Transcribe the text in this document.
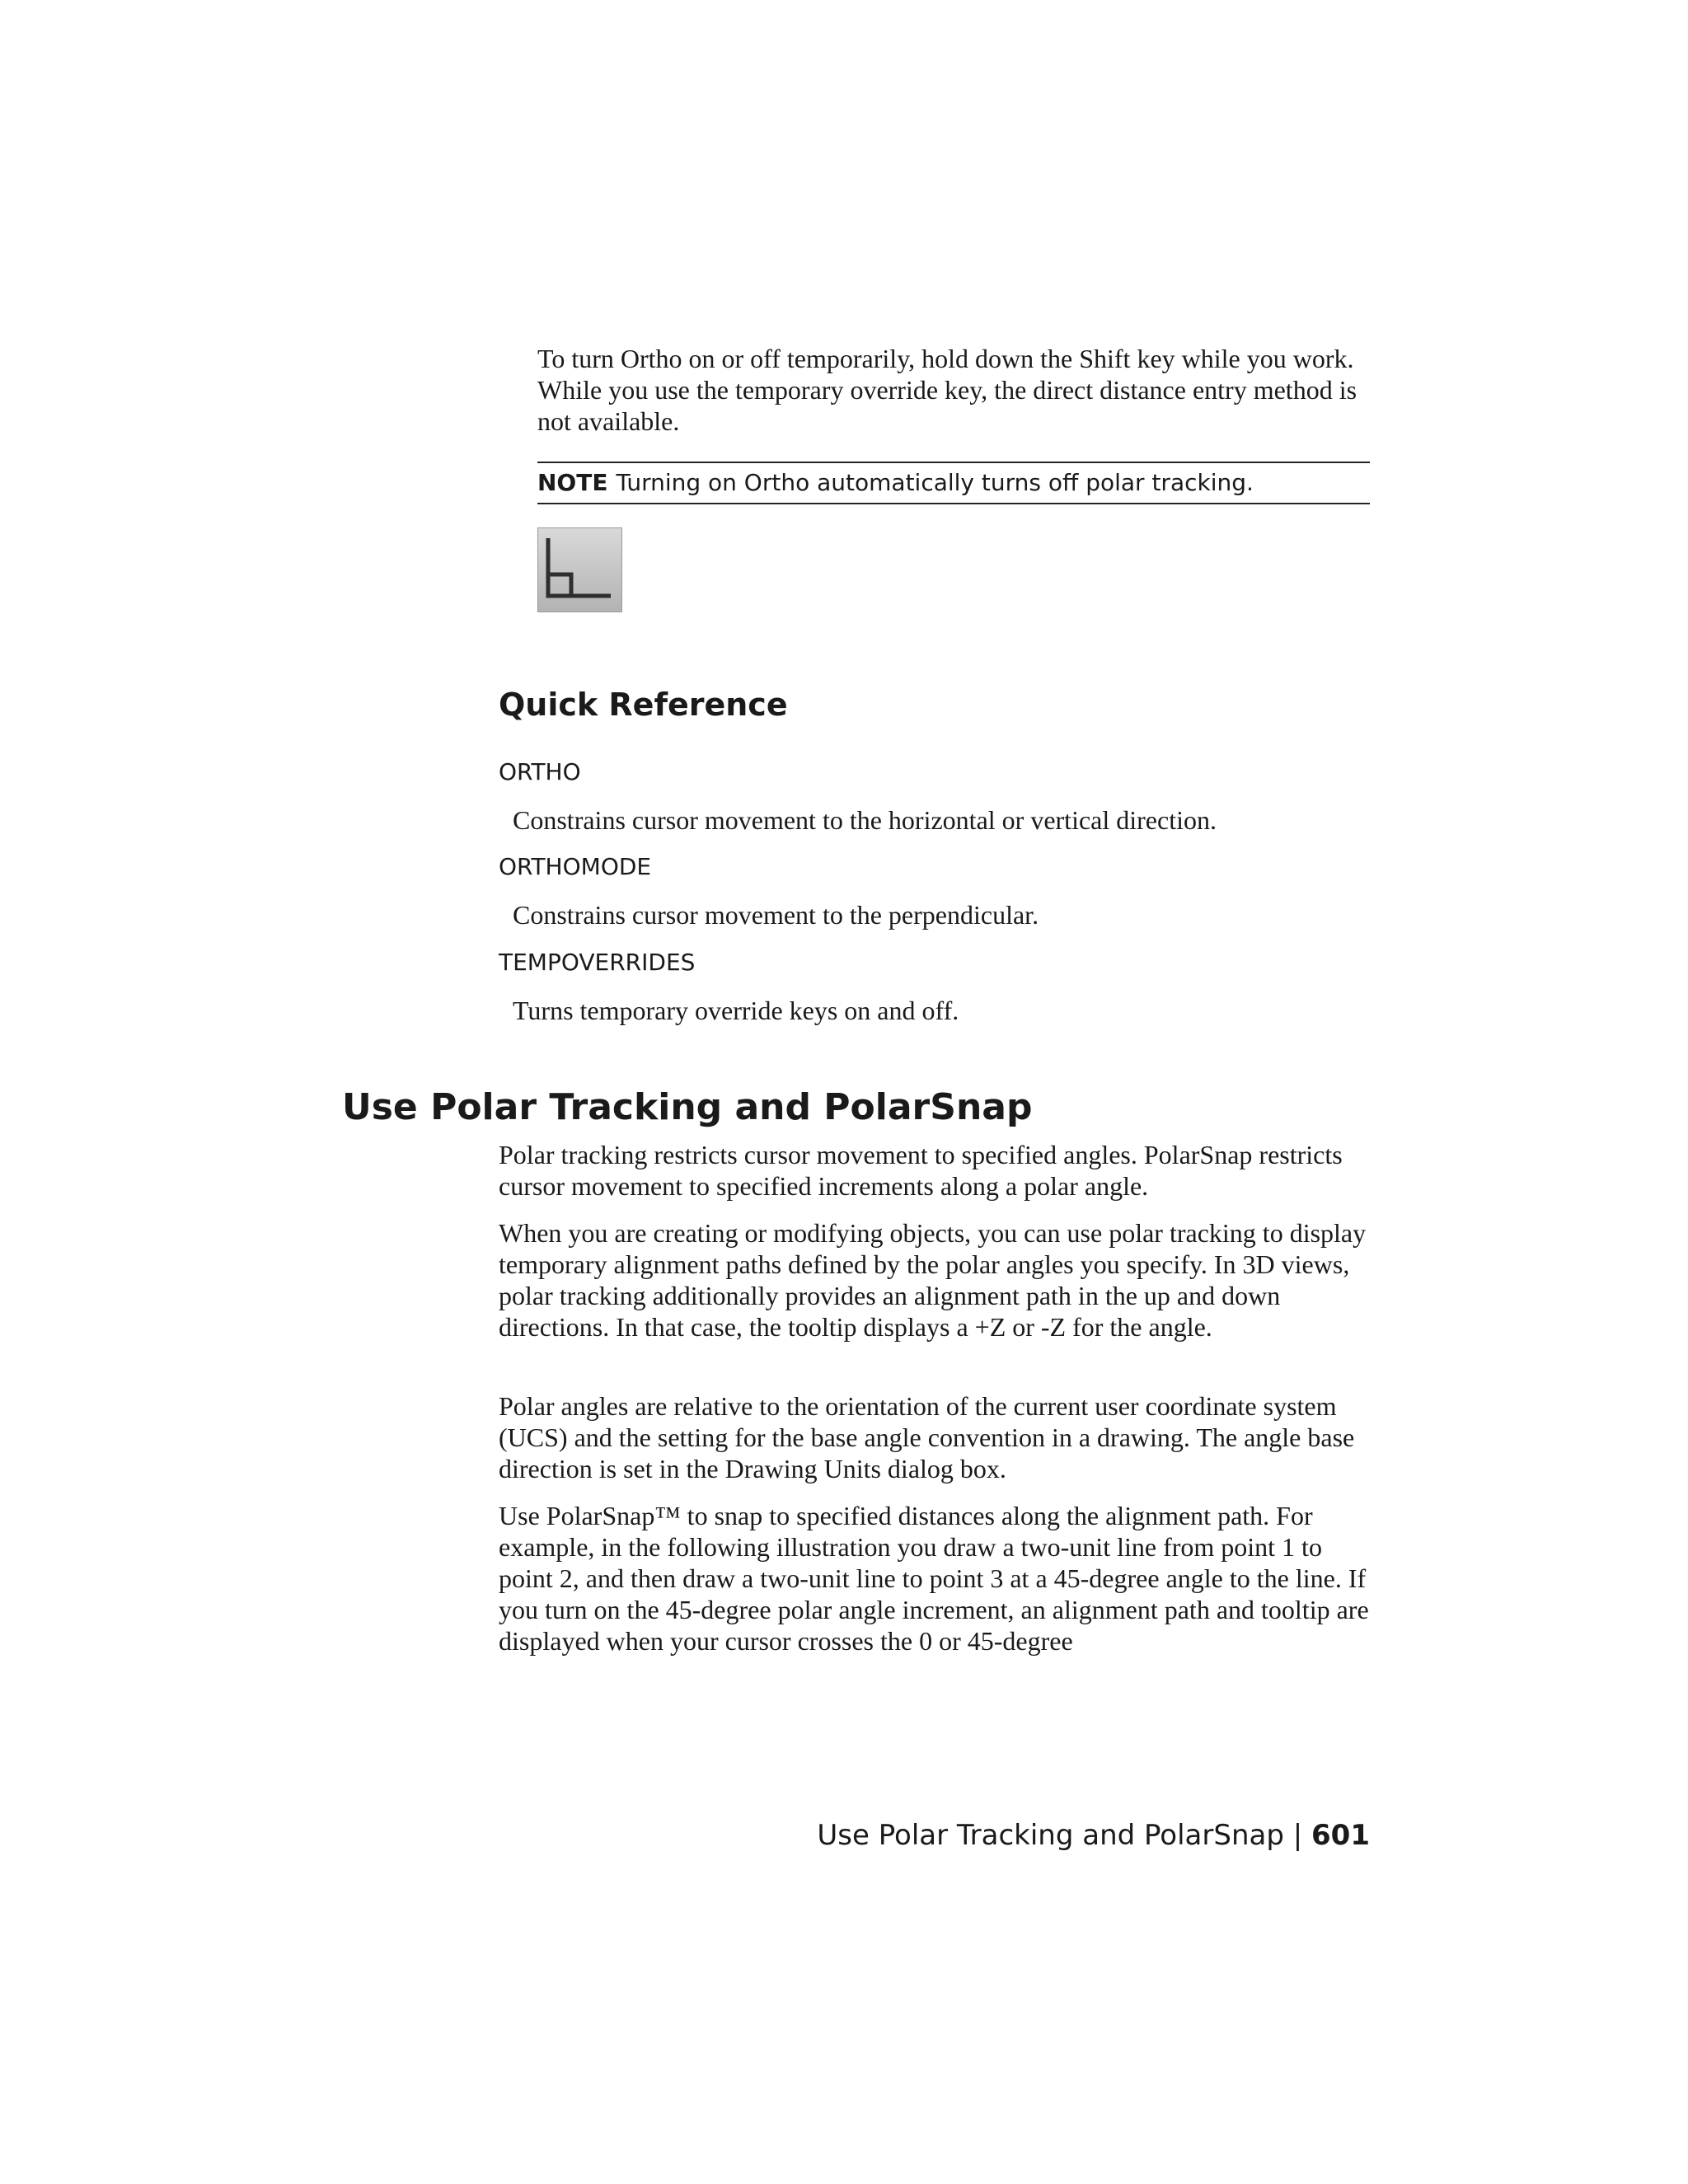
To turn Ortho on or off temporarily, hold down the Shift key while you work. While you use the temporary override key, the direct distance entry method is not available.

NOTE Turning on Ortho automatically turns off polar tracking.
Quick Reference

ORTHO

Constrains cursor movement to the horizontal or vertical direction.

ORTHOMODE

Constrains cursor movement to the perpendicular.

TEMPOVERRIDES

Turns temporary override keys on and off.

Use Polar Tracking and PolarSnap

Polar tracking restricts cursor movement to specified angles. PolarSnap restricts cursor movement to specified increments along a polar angle.

When you are creating or modifying objects, you can use polar tracking to display temporary alignment paths defined by the polar angles you specify. In 3D views, polar tracking additionally provides an alignment path in the up and down directions. In that case, the tooltip displays a +Z or -Z for the angle.

Polar angles are relative to the orientation of the current user coordinate system (UCS) and the setting for the base angle convention in a drawing. The angle base direction is set in the Drawing Units dialog box.

Use PolarSnap™ to snap to specified distances along the alignment path. For example, in the following illustration you draw a two-unit line from point 1 to point 2, and then draw a two-unit line to point 3 at a 45-degree angle to the line. If you turn on the 45-degree polar angle increment, an alignment path and tooltip are displayed when your cursor crosses the 0 or 45-degree

Use Polar Tracking and PolarSnap | 601
